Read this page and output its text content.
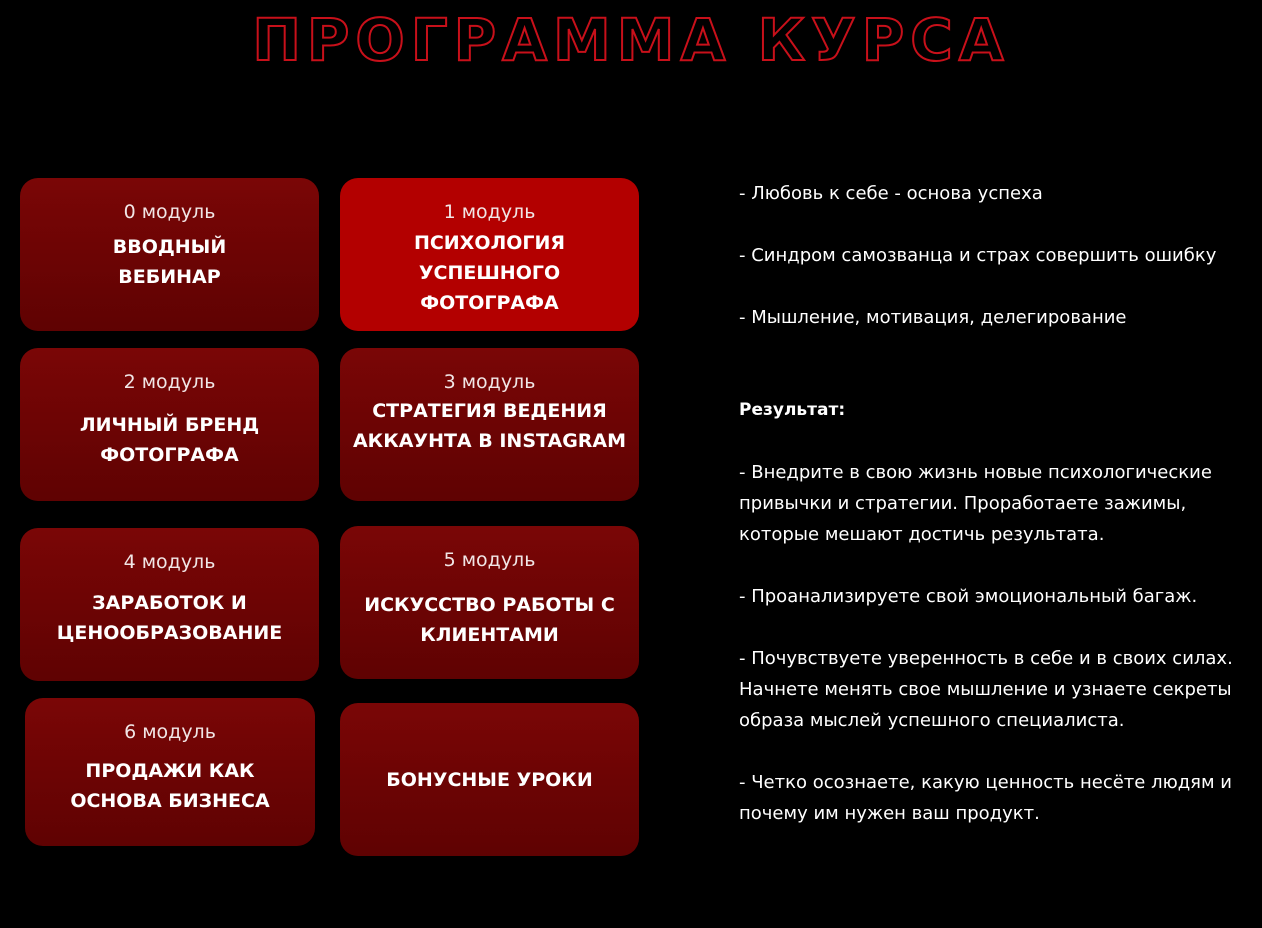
ПРОГРАММА КУРСА
0 модуль
ВВОДНЫЙ ВЕБИНАР
1 модуль
ПСИХОЛОГИЯ УСПЕШНОГО ФОТОГРАФА
2 модуль
ЛИЧНЫЙ БРЕНД ФОТОГРАФА
3 модуль
СТРАТЕГИЯ ВЕДЕНИЯ АККАУНТА В INSTAGRAM
4 модуль
ЗАРАБОТОК И ЦЕНООБРАЗОВАНИЕ
5 модуль
ИСКУССТВО РАБОТЫ С КЛИЕНТАМИ
6 модуль
ПРОДАЖИ КАК ОСНОВА БИЗНЕСА
БОНУСНЫЕ УРОКИ

- Любовь к себе - основа успеха

- Синдром самозванца и страх совершить ошибку

- Мышление, мотивация, делегирование

Результат:

- Внедрите в свою жизнь новые психологические привычки и стратегии. Проработаете зажимы, которые мешают достичь результата.

- Проанализируете свой эмоциональный багаж.

- Почувствуете уверенность в себе и в своих силах. Начнете менять свое мышление и узнаете секреты образа мыслей успешного специалиста.

- Четко осознаете, какую ценность несёте людям и почему им нужен ваш продукт.
